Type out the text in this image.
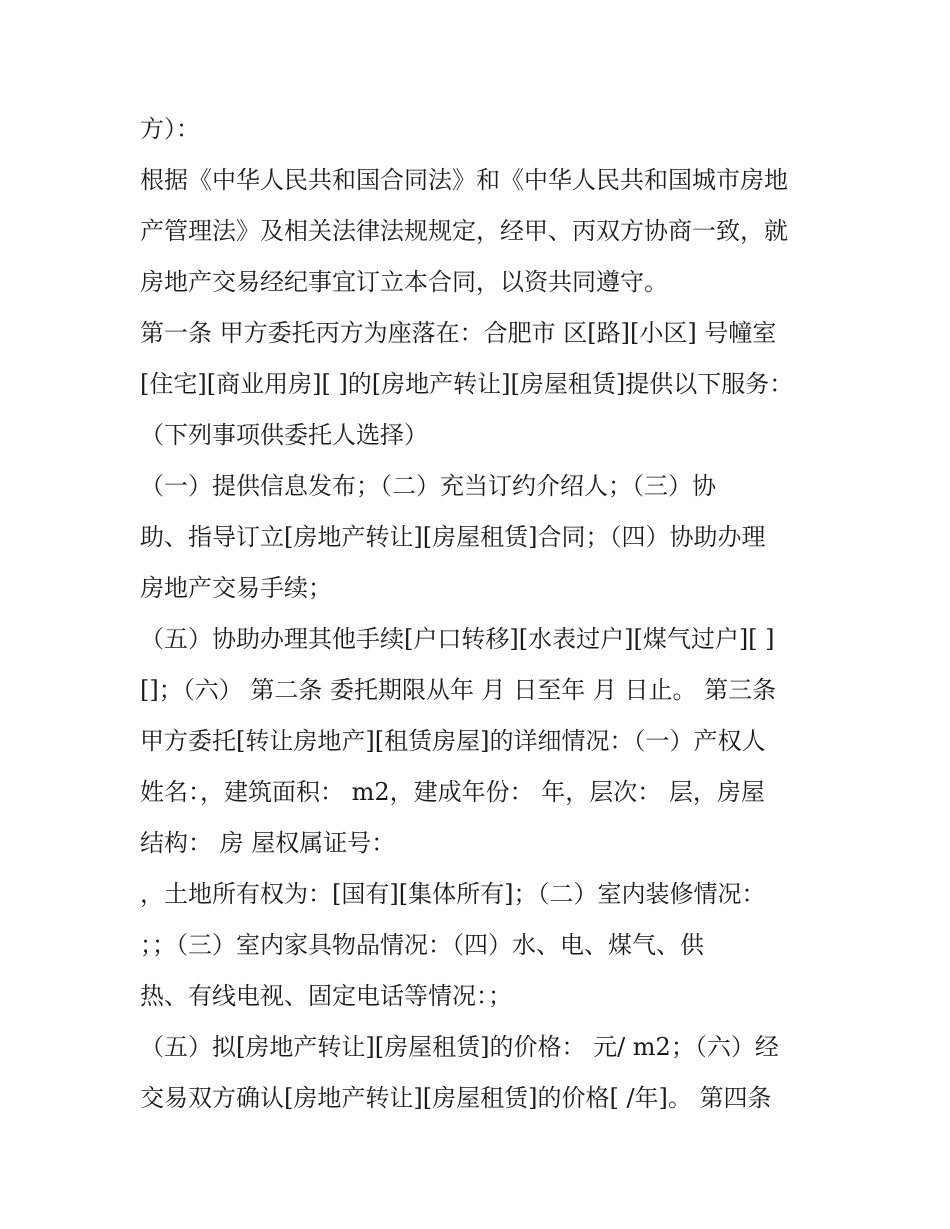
方）：
根据《中华人民共和国合同法》和《中华人民共和国城市房地
产管理法》及相关法律法规规定，经甲、丙双方协商一致，就
房地产交易经纪事宜订立本合同，以资共同遵守。
第一条 甲方委托丙方为座落在：合肥市 区[路][小区] 号幢室
[住宅][商业用房][ ]的[房地产转让][房屋租赁]提供以下服务：
（下列事项供委托人选择）
（一）提供信息发布；（二）充当订约介绍人；（三）协
助、指导订立[房地产转让][房屋租赁]合同；（四）协助办理
房地产交易手续；
（五）协助办理其他手续[户口转移][水表过户][煤气过户][ ]
[]；（六） 第二条 委托期限从年 月 日至年 月 日止。 第三条
甲方委托[转让房地产][租赁房屋]的详细情况：（一）产权人
姓名：，建筑面积： m2，建成年份： 年，层次： 层，房屋
结构： 房 屋权属证号：
，土地所有权为：[国有][集体所有]；（二）室内装修情况：
；；（三）室内家具物品情况：（四）水、电、煤气、供
热、有线电视、固定电话等情况：；
（五）拟[房地产转让][房屋租赁]的价格： 元/ m2；（六）经
交易双方确认[房地产转让][房屋租赁]的价格[ /年]。 第四条
